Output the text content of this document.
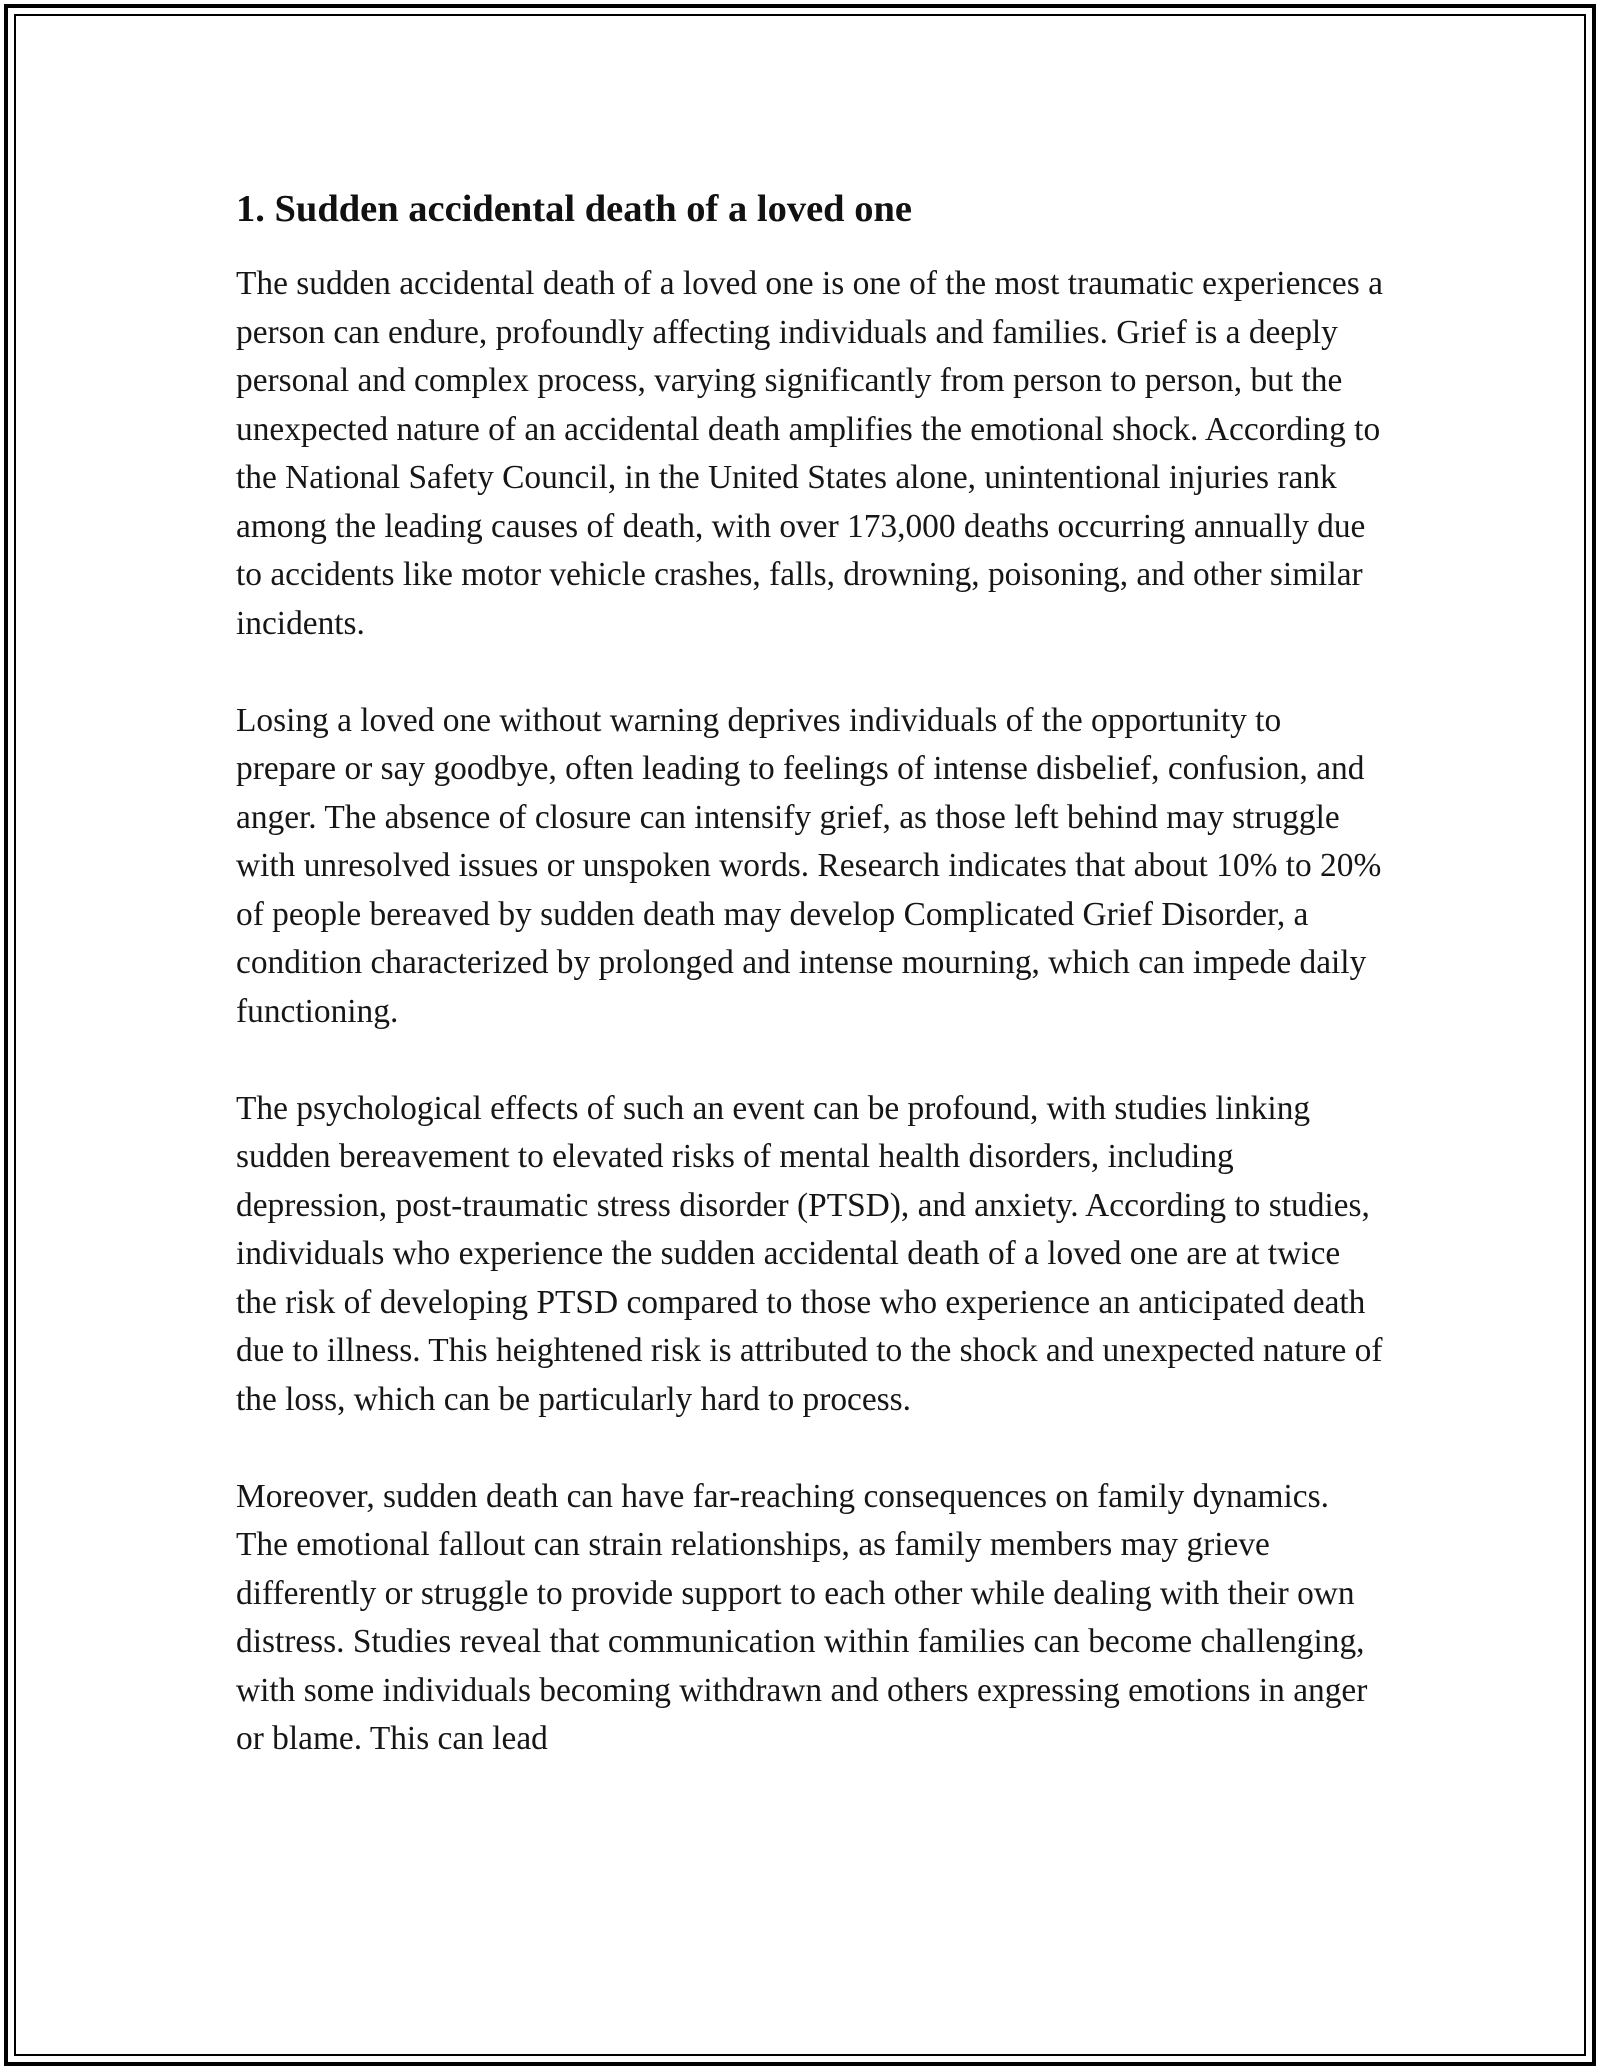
1. Sudden accidental death of a loved one

The sudden accidental death of a loved one is one of the most traumatic experiences a person can endure, profoundly affecting individuals and families. Grief is a deeply personal and complex process, varying significantly from person to person, but the unexpected nature of an accidental death amplifies the emotional shock. According to the National Safety Council, in the United States alone, unintentional injuries rank among the leading causes of death, with over 173,000 deaths occurring annually due to accidents like motor vehicle crashes, falls, drowning, poisoning, and other similar incidents.

Losing a loved one without warning deprives individuals of the opportunity to prepare or say goodbye, often leading to feelings of intense disbelief, confusion, and anger. The absence of closure can intensify grief, as those left behind may struggle with unresolved issues or unspoken words. Research indicates that about 10% to 20% of people bereaved by sudden death may develop Complicated Grief Disorder, a condition characterized by prolonged and intense mourning, which can impede daily functioning.

The psychological effects of such an event can be profound, with studies linking sudden bereavement to elevated risks of mental health disorders, including depression, post-traumatic stress disorder (PTSD), and anxiety. According to studies, individuals who experience the sudden accidental death of a loved one are at twice the risk of developing PTSD compared to those who experience an anticipated death due to illness. This heightened risk is attributed to the shock and unexpected nature of the loss, which can be particularly hard to process.

Moreover, sudden death can have far-reaching consequences on family dynamics. The emotional fallout can strain relationships, as family members may grieve differently or struggle to provide support to each other while dealing with their own distress. Studies reveal that communication within families can become challenging, with some individuals becoming withdrawn and others expressing emotions in anger or blame. This can lead
